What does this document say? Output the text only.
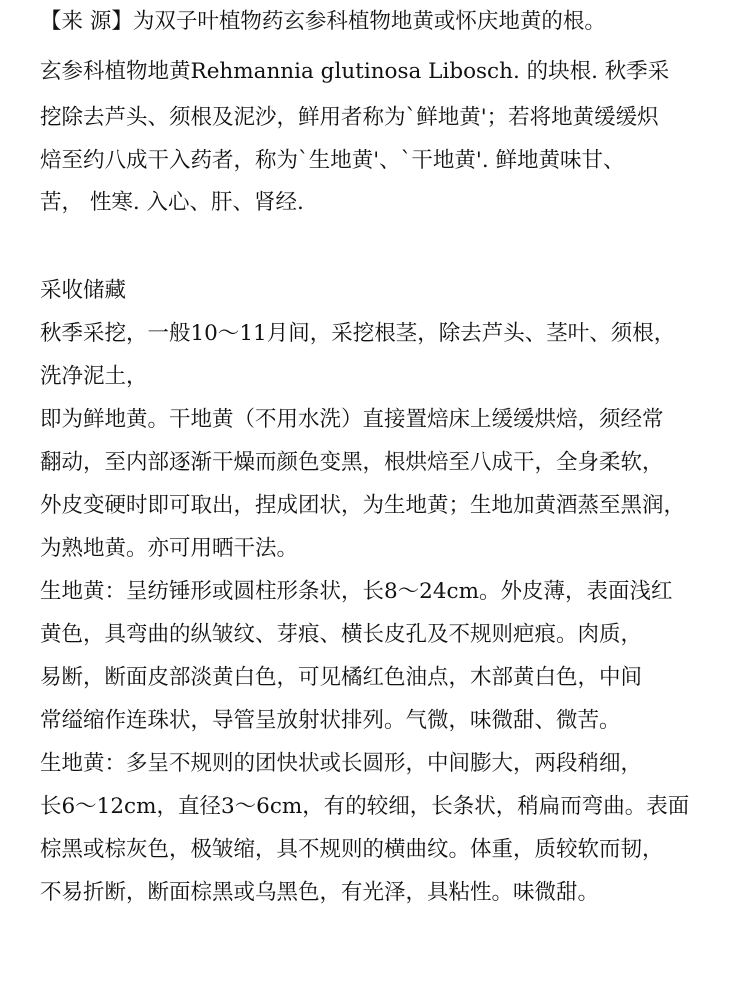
【来 源】为双子叶植物药玄参科植物地黄或怀庆地黄的根。
玄参科植物地黄Rehmannia glutinosa Libosch. 的块根. 秋季采
挖除去芦头、须根及泥沙，鲜用者称为`鲜地黄'；若将地黄缓缓炽
焙至约八成干入药者，称为`生地黄'、`干地黄'. 鲜地黄味甘、
苦， 性寒. 入心、肝、肾经.
采收储藏
秋季采挖，一般10～11月间，采挖根茎，除去芦头、茎叶、须根，
洗净泥土，
即为鲜地黄。干地黄（不用水洗）直接置焙床上缓缓烘焙，须经常
翻动，至内部逐渐干燥而颜色变黑，根烘焙至八成干，全身柔软，
外皮变硬时即可取出，捏成团状，为生地黄；生地加黄酒蒸至黑润，
为熟地黄。亦可用晒干法。
生地黄：呈纺锤形或圆柱形条状，长8～24cm。外皮薄，表面浅红
黄色，具弯曲的纵皱纹、芽痕、横长皮孔及不规则疤痕。肉质，
易断，断面皮部淡黄白色，可见橘红色油点，木部黄白色，中间
常缢缩作连珠状，导管呈放射状排列。气微，味微甜、微苦。
生地黄：多呈不规则的团快状或长圆形，中间膨大，两段稍细，
长6～12cm，直径3～6cm，有的较细，长条状，稍扁而弯曲。表面
棕黑或棕灰色，极皱缩，具不规则的横曲纹。体重，质较软而韧，
不易折断，断面棕黑或乌黑色，有光泽，具粘性。味微甜。
